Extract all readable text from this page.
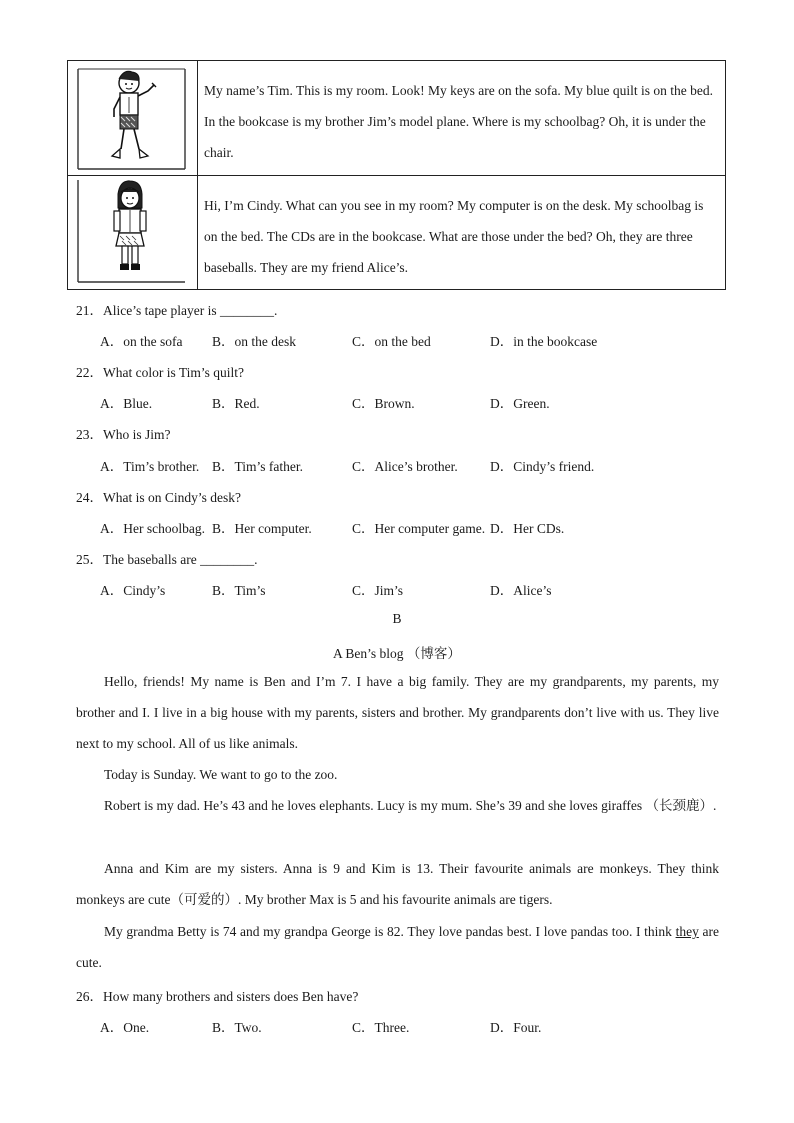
My name’s Tim. This is my room. Look! My keys are on the sofa. My blue quilt is on the bed. In the bookcase is my brother Jim’s model plane. Where is my schoolbag? Oh, it is under the chair.
Hi, I’m Cindy. What can you see in my room? My computer is on the desk. My schoolbag is on the bed. The CDs are in the bookcase. What are those under the bed? Oh, they are three baseballs. They are my friend Alice’s.
21．Alice’s tape player is ________.
A．on the sofa B．on the desk	C．on the bed	D．in the bookcase
22．What color is Tim’s quilt?
A．Blue.	B．Red.	C．Brown.	D．Green.
23．Who is Jim?
A．Tim’s brother. B．Tim’s father.	C．Alice’s brother. D．Cindy’s friend.
24．What is on Cindy’s desk?
A．Her schoolbag. B．Her computer.	C．Her computer game. D．Her CDs.
25．The baseballs are ________.
A．Cindy’s	B．Tim’s	C．Jim’s	D．Alice’s
B
A Ben’s blog （博客）
Hello, friends! My name is Ben and I’m 7. I have a big family. They are my grandparents, my parents, my brother and I. I live in a big house with my parents, sisters and brother. My grandparents don’t live with us. They live next to my school. All of us like animals.
Today is Sunday. We want to go to the zoo.
Robert is my dad. He’s 43 and he loves elephants. Lucy is my mum. She’s 39 and she loves giraffes （长颈鹿）.
Anna and Kim are my sisters. Anna is 9 and Kim is 13. Their favourite animals are monkeys. They think monkeys are cute（可爱的）. My brother Max is 5 and his favourite animals are tigers.
My grandma Betty is 74 and my grandpa George is 82. They love pandas best. I love pandas too. I think they are cute.
26．How many brothers and sisters does Ben have?
A．One.	B．Two.	C．Three.	D．Four.
